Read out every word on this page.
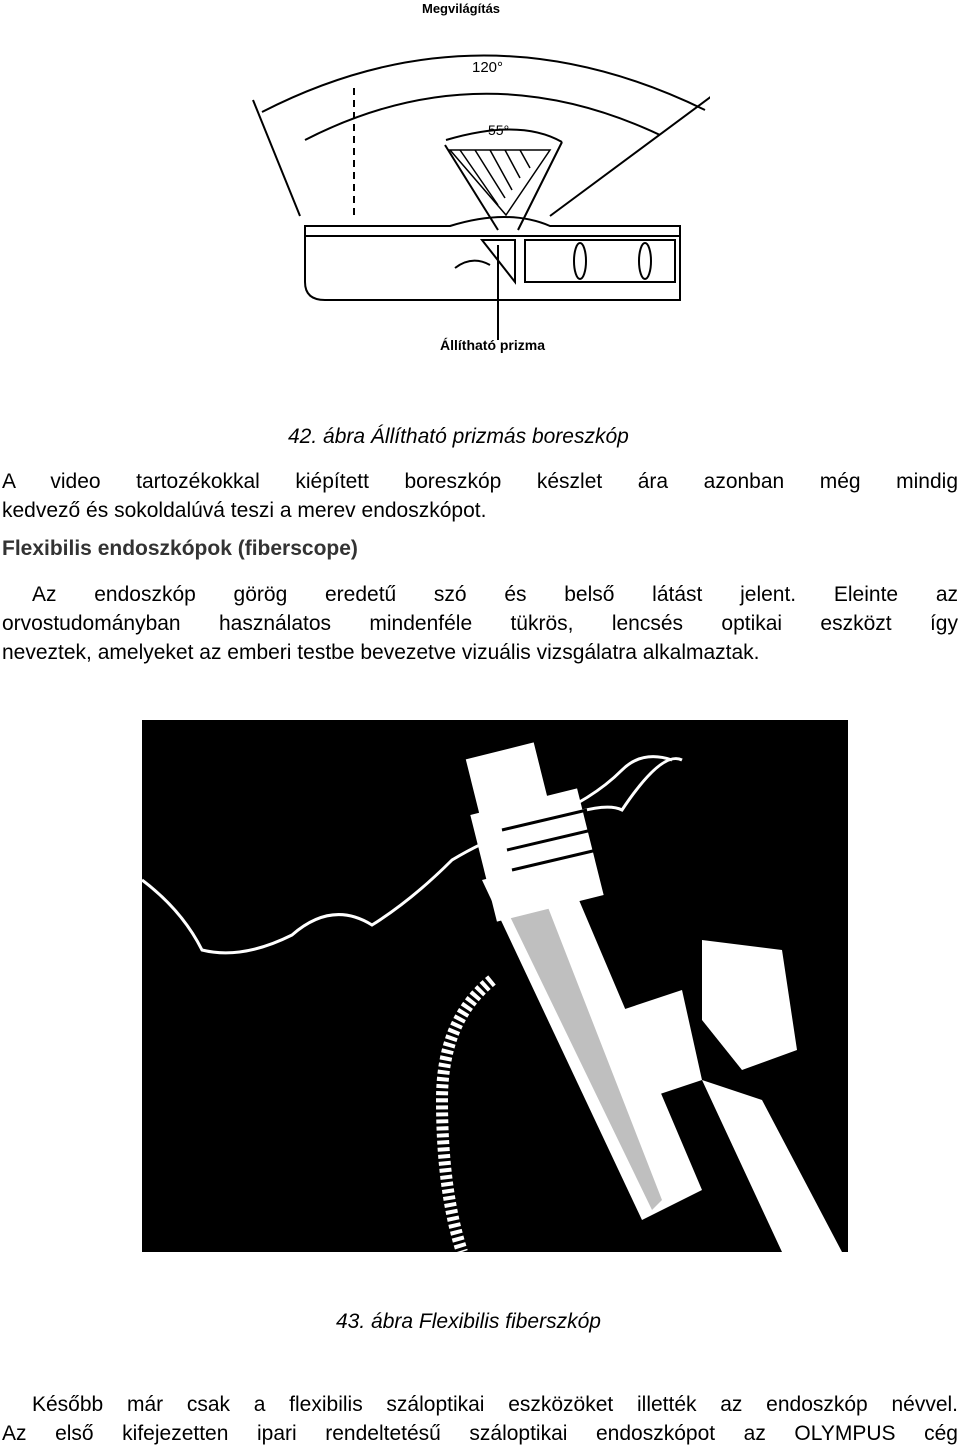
Megvilágítás
120°
55°
Állítható prizma
42. ábra Állítható prizmás boreszkóp
A video tartozékokkal kiépített boreszkóp készlet ára azonban még mindig
kedvező és sokoldalúvá teszi a merev endoszkópot.
Flexibilis endoszkópok (fiberscope)
Az endoszkóp görög eredetű szó és belső látást jelent. Eleinte az
orvostudományban használatos mindenféle tükrös, lencsés optikai eszközt így
neveztek, amelyeket az emberi testbe bevezetve vizuális vizsgálatra alkalmaztak.
43. ábra Flexibilis fiberszkóp
Később már csak a flexibilis száloptikai eszközöket illették az endoszkóp névvel.
Az első kifejezetten ipari rendeltetésű száloptikai endoszkópot az OLYMPUS cég
